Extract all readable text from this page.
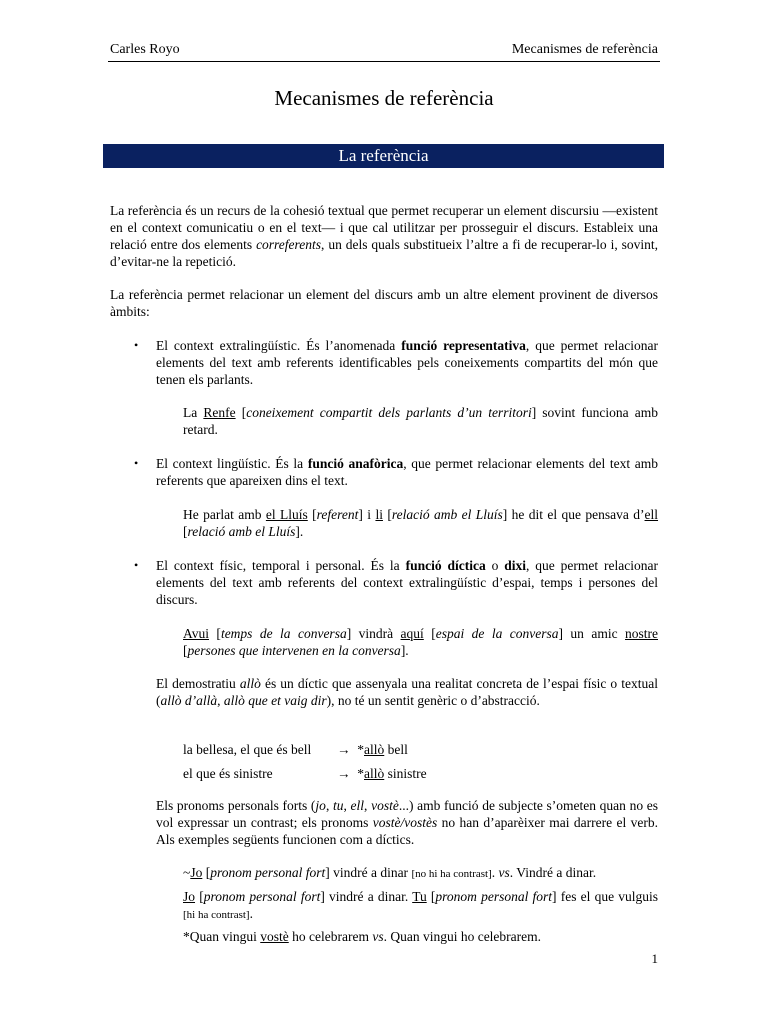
Carles Royo	Mecanismes de referència
Mecanismes de referència
La referència

La referència és un recurs de la cohesió textual que permet recuperar un element discursiu —existent en el context comunicatiu o en el text— i que cal utilitzar per prosseguir el discurs. Estableix una relació entre dos elements correferents, un dels quals substitueix l’altre a fi de recuperar-lo i, sovint, d’evitar-ne la repetició.

La referència permet relacionar un element del discurs amb un altre element provinent de diversos àmbits:

• El context extralingüístic. És l’anomenada funció representativa, que permet relacionar elements del text amb referents identificables pels coneixements compartits del món que tenen els parlants.

La Renfe [coneixement compartit dels parlants d’un territori] sovint funciona amb retard.

• El context lingüístic. És la funció anafòrica, que permet relacionar elements del text amb referents que apareixen dins el text.

He parlat amb el Lluís [referent] i li [relació amb el Lluís] he dit el que pensava d’ell [relació amb el Lluís].

• El context físic, temporal i personal. És la funció díctica o dixi, que permet relacionar elements del text amb referents del context extralingüístic d’espai, temps i persones del discurs.

Avui [temps de la conversa] vindrà aquí [espai de la conversa] un amic nostre [persones que intervenen en la conversa].

El demostratiu allò és un díctic que assenyala una realitat concreta de l’espai físic o textual (allò d’allà, allò que et vaig dir), no té un sentit genèric o d’abstracció.

la bellesa, el que és bell → *allò bell
el que és sinistre	→ *allò sinistre

Els pronoms personals forts (jo, tu, ell, vostè...) amb funció de subjecte s’ometen quan no es vol expressar un contrast; els pronoms vostè/vostès no han d’aparèixer mai darrere el verb. Als exemples següents funcionen com a díctics.

~Jo [pronom personal fort] vindré a dinar [no hi ha contrast]. vs. Vindré a dinar.

Jo [pronom personal fort] vindré a dinar. Tu [pronom personal fort] fes el que vulguis [hi ha contrast].

*Quan vingui vostè ho celebrarem vs. Quan vingui ho celebrarem.

1
